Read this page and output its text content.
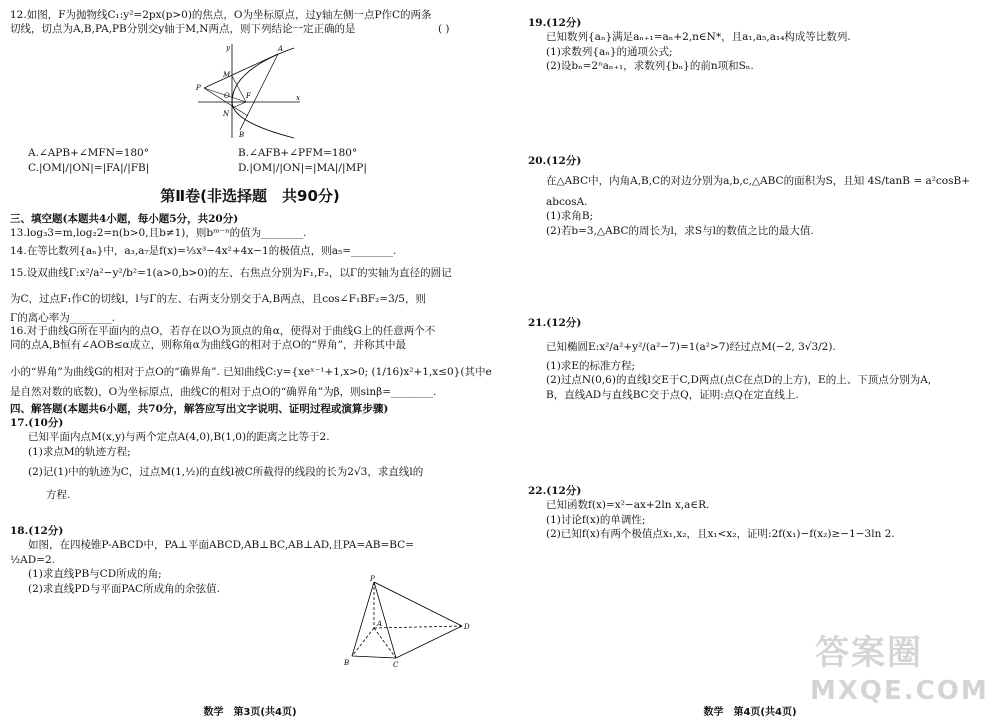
12.如图，F为抛物线C₁:y²=2px(p>0)的焦点，O为坐标原点，过y轴左侧一点P作C的两条
切线，切点为A,B,PA,PB分别交y轴于M,N两点，则下列结论一定正确的是	( )
y
x
A
B
P
M
N
O F
A.∠APB+∠MFN=180°	B.∠AFB+∠PFM=180°
C.|OM|/|ON|=|FA|/|FB|	D.|OM|/|ON|=|MA|/|MP|
第Ⅱ卷(非选择题　共90分)
三、填空题(本题共4小题，每小题5分，共20分)
13.log₃3=m,log₂2=n(b>0,且b≠1)，则bᵐ⁻ⁿ的值为________.
14.在等比数列{aₙ}中，a₃,a₇是f(x)=⅓x³−4x²+4x−1的极值点，则a₅=________.
15.设双曲线Γ:x²/a²−y²/b²=1(a>0,b>0)的左、右焦点分别为F₁,F₂，以Γ的实轴为直径的圆记
为C，过点F₁作C的切线l，l与Γ的左、右两支分别交于A,B两点，且cos∠F₁BF₂=3/5，则
Γ的离心率为________.
16.对于曲线G所在平面内的点O，若存在以O为顶点的角α，使得对于曲线G上的任意两个不
同的点A,B恒有∠AOB≤α成立，则称角α为曲线G的相对于点O的“界角”，并称其中最
小的“界角”为曲线G的相对于点O的“确界角”. 已知曲线C:y={xeˣ⁻¹+1,x>0; (1/16)x²+1,x≤0}(其中e
是自然对数的底数)，O为坐标原点，曲线C的相对于点O的“确界角”为β，则sinβ=________.
四、解答题(本题共6小题，共70分，解答应写出文字说明、证明过程或演算步骤)
17.(10分)
已知平面内点M(x,y)与两个定点A(4,0),B(1,0)的距离之比等于2.
(1)求点M的轨迹方程;
(2)记(1)中的轨迹为C，过点M(1,½)的直线l被C所截得的线段的长为2√3，求直线l的
方程.
18.(12分)
如图，在四棱锥P-ABCD中，PA⊥平面ABCD,AB⊥BC,AB⊥AD,且PA=AB=BC=
½AD=2.
(1)求直线PB与CD所成的角;
(2)求直线PD与平面PAC所成角的余弦值.
P
A
B	C
D
数学　第3页(共4页)
19.(12分)
已知数列{aₙ}满足aₙ₊₁=aₙ+2,n∈N*，且a₁,a₅,a₁₄构成等比数列.
(1)求数列{aₙ}的通项公式;
(2)设bₙ=2ⁿaₙ₊₁，求数列{bₙ}的前n项和Sₙ.
20.(12分)
在△ABC中，内角A,B,C的对边分别为a,b,c,△ABC的面积为S，且知 4S/tanB = a²cosB+
abcosA.
(1)求角B;
(2)若b=3,△ABC的周长为l，求S与l的数值之比的最大值.
21.(12分)
已知椭圆E:x²/a²+y²/(a²−7)=1(a²>7)经过点M(−2, 3√3/2).
(1)求E的标准方程;
(2)过点N(0,6)的直线l交E于C,D两点(点C在点D的上方)，E的上、下顶点分别为A,
B，直线AD与直线BC交于点Q，证明:点Q在定直线上.
22.(12分)
已知函数f(x)=x²−ax+2ln x,a∈R.
(1)讨论f(x)的单调性;
(2)已知f(x)有两个极值点x₁,x₂，且x₁<x₂，证明:2f(x₁)−f(x₂)≥−1−3ln 2.
答案圈
MXQE.COM
数学　第4页(共4页)
